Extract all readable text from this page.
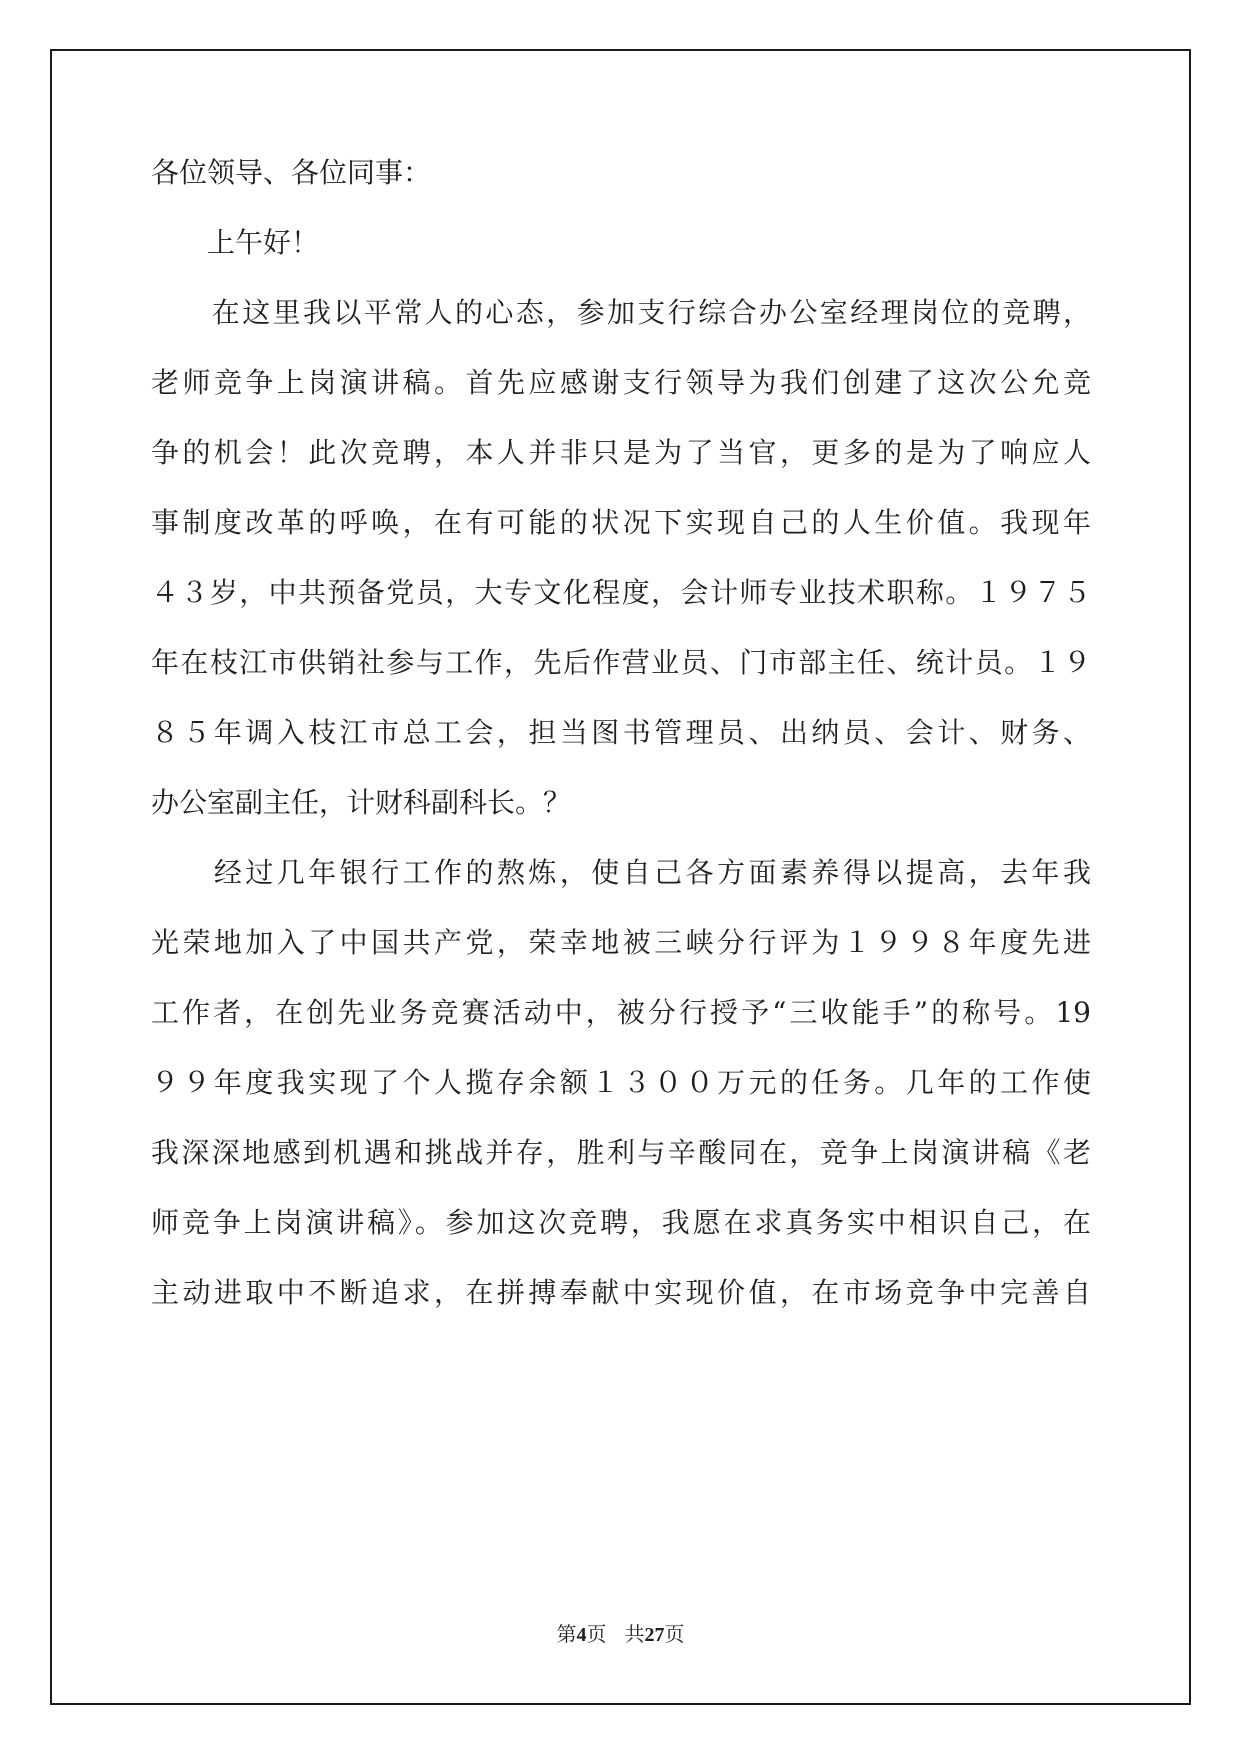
各位领导、各位同事：

　　上午好！

　　在这里我以平常人的心态，参加支行综合办公室经理岗位的竞聘，

老师竞争上岗演讲稿。首先应感谢支行领导为我们创建了这次公允竞

争的机会！此次竞聘，本人并非只是为了当官，更多的是为了响应人

事制度改革的呼唤，在有可能的状况下实现自己的人生价值。我现年

４３岁，中共预备党员，大专文化程度，会计师专业技术职称。１９７５

年在枝江市供销社参与工作，先后作营业员、门市部主任、统计员。１９

８５年调入枝江市总工会，担当图书管理员、出纳员、会计、财务、

办公室副主任，计财科副科长。？

　　经过几年银行工作的熬炼，使自己各方面素养得以提高，去年我

光荣地加入了中国共产党，荣幸地被三峡分行评为１９９８年度先进

工作者，在创先业务竞赛活动中，被分行授予“三收能手”的称号。19

９９年度我实现了个人揽存余额１３００万元的任务。几年的工作使

我深深地感到机遇和挑战并存，胜利与辛酸同在，竞争上岗演讲稿《老

师竞争上岗演讲稿》。参加这次竞聘，我愿在求真务实中相识自己，在

主动进取中不断追求，在拼搏奉献中实现价值，在市场竞争中完善自

第4页 共27页
